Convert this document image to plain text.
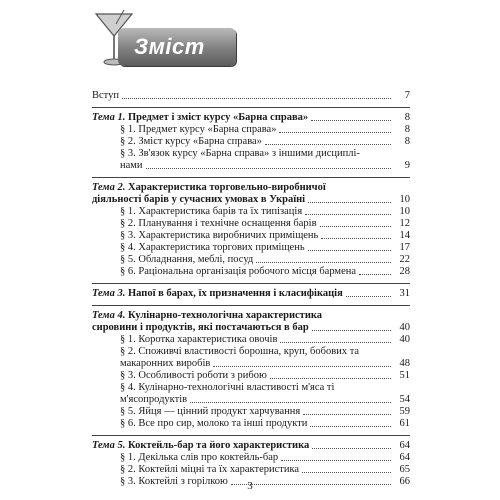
Зміст
Вступ	7
Тема 1. Предмет і зміст курсу «Барна справа»	8
§ 1. Предмет курсу «Барна справа»	8
§ 2. Зміст курсу «Барна справа»	8
§ 3. Зв'язок курсу «Барна справа» з іншими дисциплі-
нами	9
Тема 2. Характеристика торговельно-виробничої
діяльності барів у сучасних умовах в Україні	10
§ 1. Характеристика барів та їх типізація	10
§ 2. Планування і технічне оснащення барів	12
§ 3. Характеристика виробничих приміщень	14
§ 4. Характеристика торгових приміщень	17
§ 5. Обладнання, меблі, посуд	22
§ 6. Раціональна організація робочого місця бармена	28
Тема 3. Напої в барах, їх призначення і класифікація	31
Тема 4. Кулінарно-технологічна характеристика
сировини і продуктів, які постачаються в бар	40
§ 1. Коротка характеристика овочів	40
§ 2. Споживчі властивості борошна, круп, бобових та
макаронних виробів	48
§ 3. Особливості роботи з рибою	51
§ 4. Кулінарно-технологічні властивості м'яса ті
м'ясопродуктів	54
§ 5. Яйця — цінний продукт харчування	59
§ 6. Все про сир, молоко та інші продукти	61
Тема 5. Коктейль-бар та його характеристика	64
§ 1. Декілька слів про коктейль-бар	64
§ 2. Коктейлі міцні та їх характеристика	65
§ 3. Коктейлі з горілкою	66
3
